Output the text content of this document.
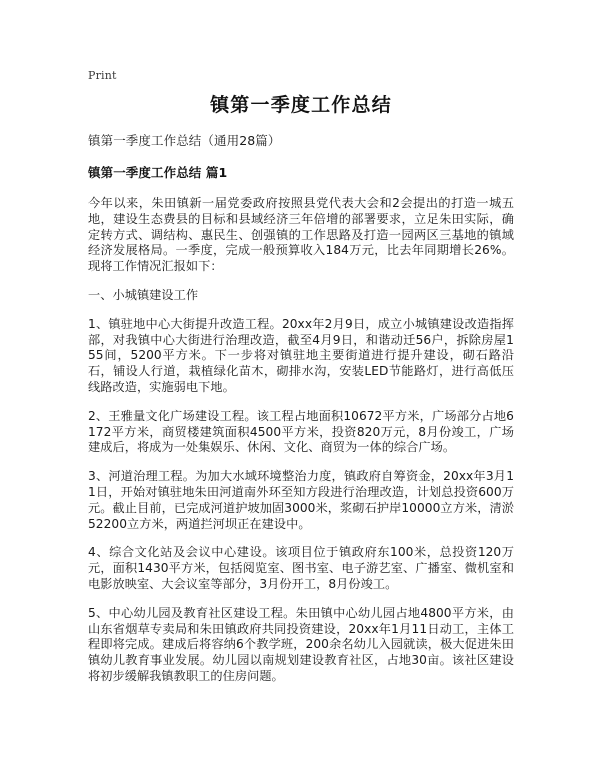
Print
镇第一季度工作总结

镇第一季度工作总结（通用28篇）

镇第一季度工作总结 篇1

今年以来，朱田镇新一届党委政府按照县党代表大会和2会提出的打造一城五地，建设生态费县的目标和县域经济三年倍增的部署要求，立足朱田实际，确定转方式、调结构、惠民生、创强镇的工作思路及打造一园两区三基地的镇域经济发展格局。一季度，完成一般预算收入184万元，比去年同期增长26%。现将工作情况汇报如下：

一、小城镇建设工作

1、镇驻地中心大街提升改造工程。20xx年2月9日，成立小城镇建设改造指挥部，对我镇中心大街进行治理改造，截至4月9日，和谐动迁56户，拆除房屋155间，5200平方米。下一步将对镇驻地主要街道进行提升建设，砌石路沿石，铺设人行道，栽植绿化苗木，砌排水沟，安装LED节能路灯，进行高低压线路改造，实施弱电下地。

2、王雅量文化广场建设工程。该工程占地面积10672平方米，广场部分占地6172平方米，商贸楼建筑面积4500平方米，投资820万元，8月份竣工，广场建成后，将成为一处集娱乐、休闲、文化、商贸为一体的综合广场。

3、河道治理工程。为加大水域环境整治力度，镇政府自筹资金，20xx年3月11日，开始对镇驻地朱田河道南外环至知方段进行治理改造，计划总投资600万元。截止目前，已完成河道护坡加固3000米，浆砌石护岸10000立方米，清淤52200立方米，两道拦河坝正在建设中。

4、综合文化站及会议中心建设。该项目位于镇政府东100米，总投资120万元，面积1430平方米，包括阅览室、图书室、电子游艺室、广播室、微机室和电影放映室、大会议室等部分，3月份开工，8月份竣工。

5、中心幼儿园及教育社区建设工程。朱田镇中心幼儿园占地4800平方米，由山东省烟草专卖局和朱田镇政府共同投资建设，20xx年1月11日动工，主体工程即将完成。建成后将容纳6个教学班，200余名幼儿入园就读，极大促进朱田镇幼儿教育事业发展。幼儿园以南规划建设教育社区，占地30亩。该社区建设将初步缓解我镇教职工的住房问题。
